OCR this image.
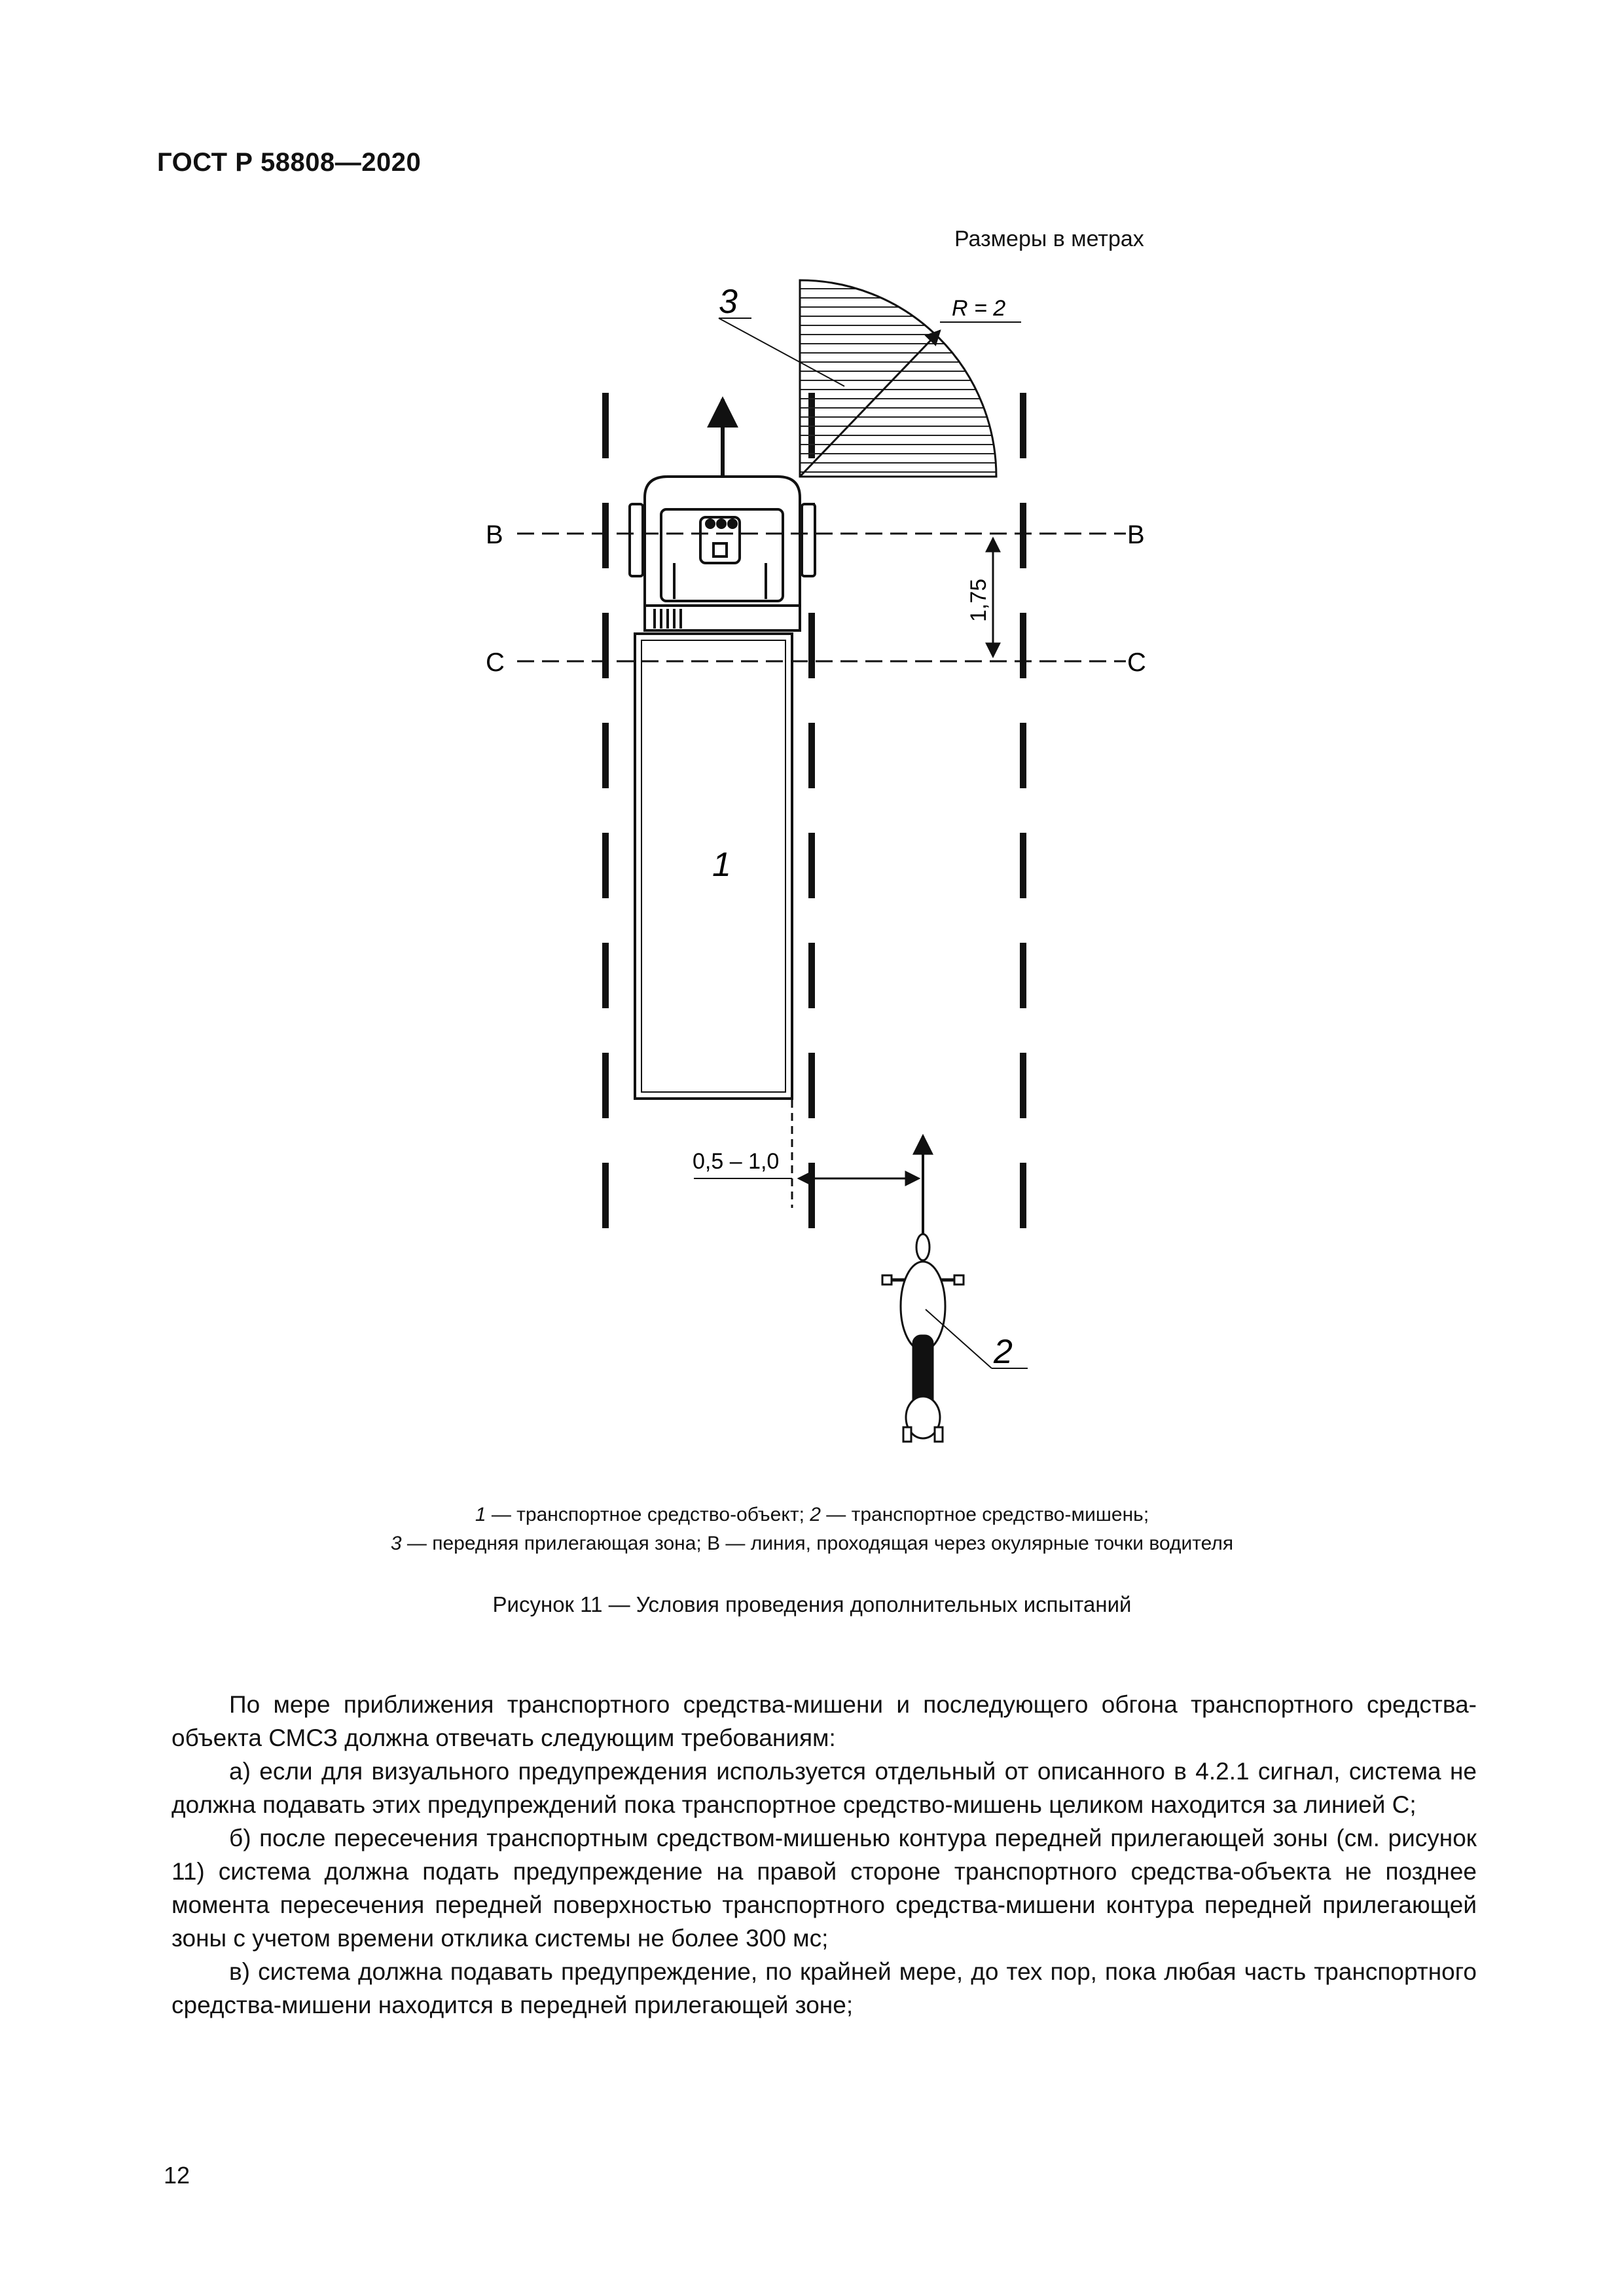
ГОСТ Р 58808—2020
Размеры в метрах
R = 2
3
1
B	B
C	C
1,75
0,5 – 1,0
2
1 — транспортное средство-объект; 2 — транспортное средство-мишень;
3 — передняя прилегающая зона; В — линия, проходящая через окулярные точки водителя
Рисунок 11 — Условия проведения дополнительных испытаний

По мере приближения транспортного средства-мишени и последующего обгона транспортного средства-объекта СМСЗ должна отвечать следующим требованиям:

а) если для визуального предупреждения используется отдельный от описанного в 4.2.1 сигнал, система не должна подавать этих предупреждений пока транспортное средство-мишень целиком находится за линией С;

б) после пересечения транспортным средством-мишенью контура передней прилегающей зоны (см. рисунок 11) система должна подать предупреждение на правой стороне транспортного средства-объекта не позднее момента пересечения передней поверхностью транспортного средства-мишени контура передней прилегающей зоны с учетом времени отклика системы не более 300 мс;

в) система должна подавать предупреждение, по крайней мере, до тех пор, пока любая часть транспортного средства-мишени находится в передней прилегающей зоне;

12
